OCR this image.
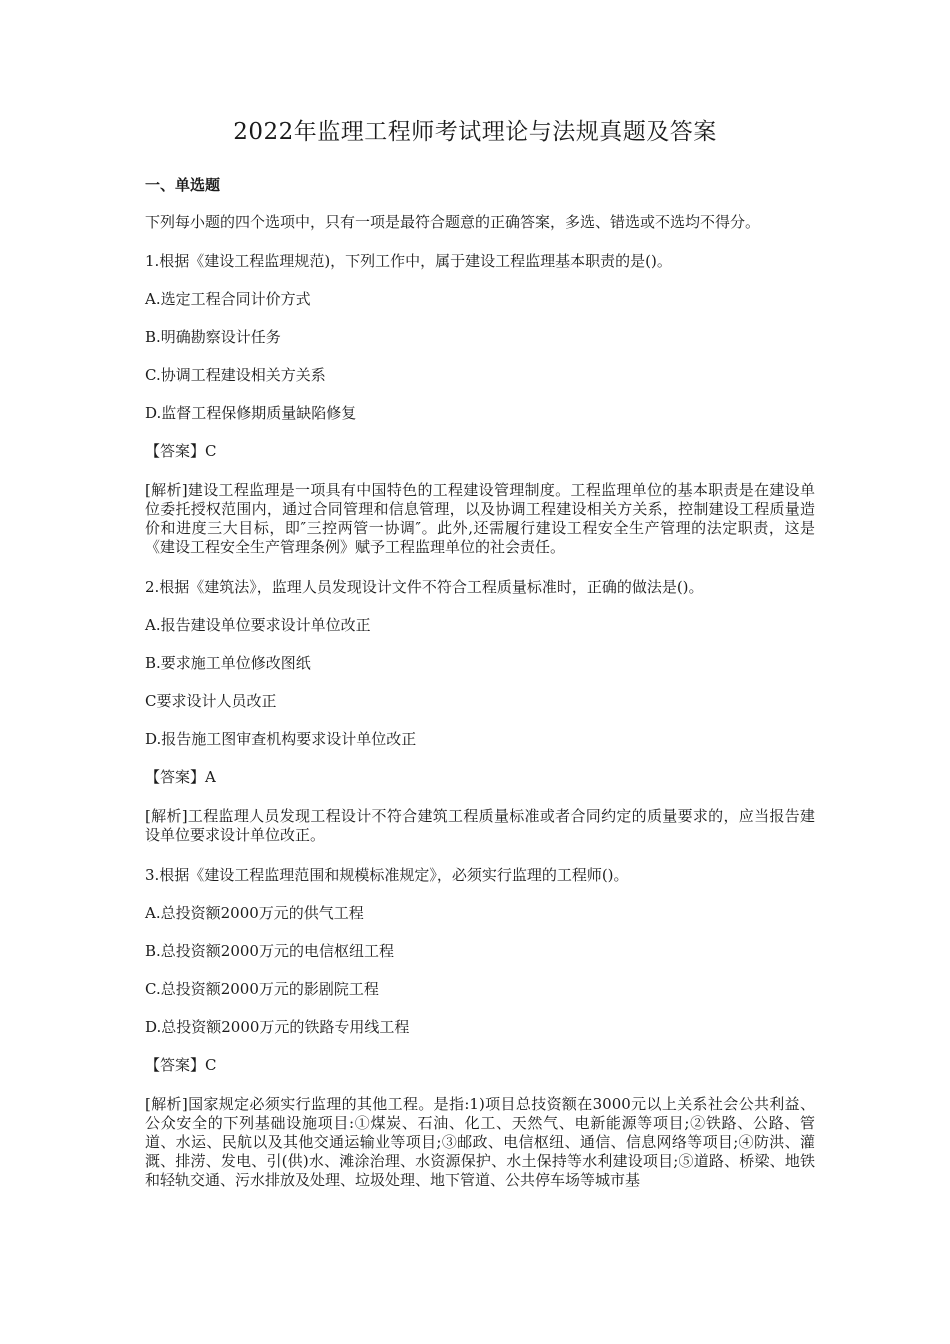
2022年监理工程师考试理论与法规真题及答案
一、单选题
下列每小题的四个选项中，只有一项是最符合题意的正确答案，多选、错选或不选均不得分。
1.根据《建设工程监理规范)，下列工作中，属于建设工程监理基本职责的是()。
A.选定工程合同计价方式
B.明确勘察设计任务
C.协调工程建设相关方关系
D.监督工程保修期质量缺陷修复
【答案】C
[解析]建设工程监理是一项具有中国特色的工程建设管理制度。工程监理单位的基本职责是在建设单位委托授权范围内，通过合同管理和信息管理，以及协调工程建设相关方关系，控制建设工程质量造价和进度三大目标，即″三控两管一协调″。此外,还需履行建设工程安全生产管理的法定职责，这是《建设工程安全生产管理条例》赋予工程监理单位的社会责任。
2.根据《建筑法》，监理人员发现设计文件不符合工程质量标准时，正确的做法是()。
A.报告建设单位要求设计单位改正
B.要求施工单位修改图纸
C要求设计人员改正
D.报告施工图审查机构要求设计单位改正
【答案】A
[解析]工程监理人员发现工程设计不符合建筑工程质量标准或者合同约定的质量要求的，应当报告建设单位要求设计单位改正。
3.根据《建设工程监理范围和规模标准规定》，必须实行监理的工程师()。
A.总投资额2000万元的供气工程
B.总投资额2000万元的电信枢纽工程
C.总投资额2000万元的影剧院工程
D.总投资额2000万元的铁路专用线工程
【答案】C
[解析]国家规定必须实行监理的其他工程。是指:1)项目总技资额在3000元以上关系社会公共利益、公众安全的下列基础设施项目:①煤炭、石油、化工、天然气、电新能源等项目;②铁路、公路、管道、水运、民航以及其他交通运输业等项目;③邮政、电信枢纽、通信、信息网络等项目;④防洪、灌溉、排涝、发电、引(供)水、滩涂治理、水资源保护、水土保持等水利建设项目;⑤道路、桥梁、地铁和轻轨交通、污水排放及处理、垃圾处理、地下管道、公共停车场等城市基
